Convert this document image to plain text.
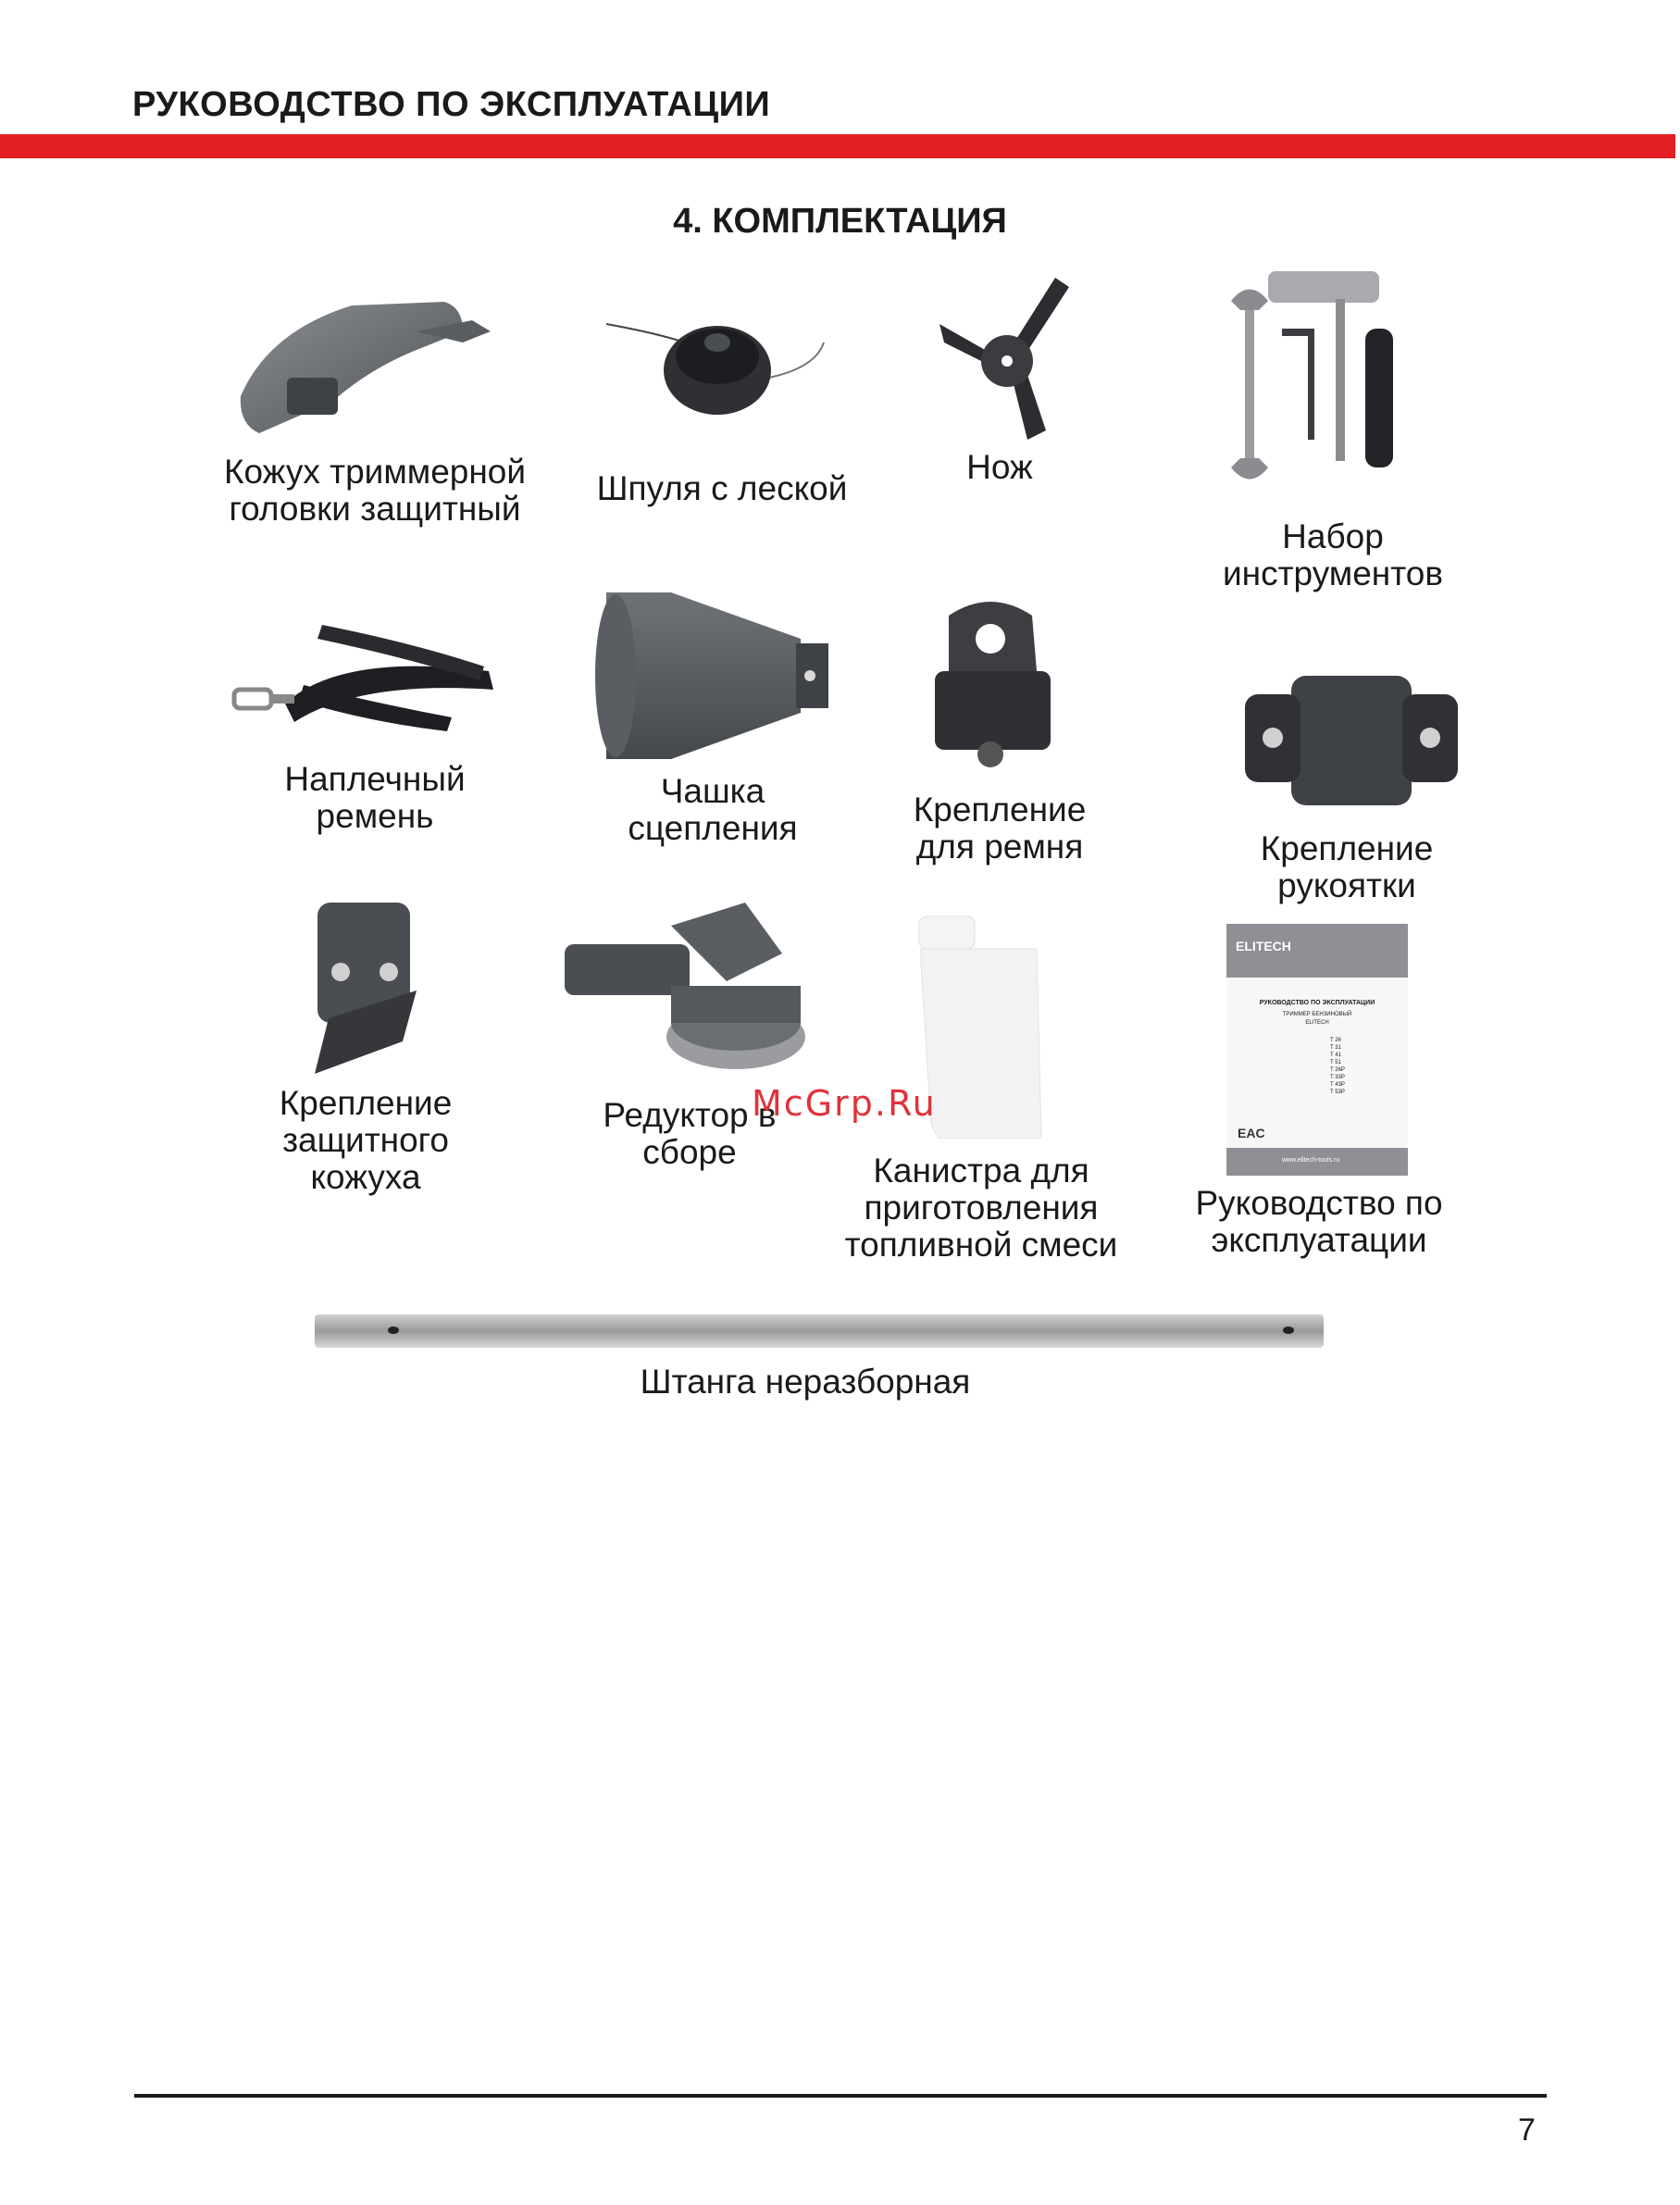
РУКОВОДСТВО ПО ЭКСПЛУАТАЦИИ
4. КОМПЛЕКТАЦИЯ
Кожух триммерной
головки защитный
Шпуля с леской
Нож
Набор
инструментов
Наплечный
ремень
Чашка
сцепления	Крепление
для ремня	Крепление
рукоятки
Крепление
защитного
кожуха
Редуктор в
сборе	Канистра для
приготовления
топливной смеси
ELITECH
РУКОВОДСТВО ПО ЭКСПЛУАТАЦИИ
ТРИММЕР БЕНЗИНОВЫЙ
ELITECH
T 26
T 31
T 41
T 51
T 26P
T 33P
T 43P
T 53P
EAC
www.elitech-tools.ru
Руководство по
эксплуатации
Штанга неразборная
McGrp.Ru
7
